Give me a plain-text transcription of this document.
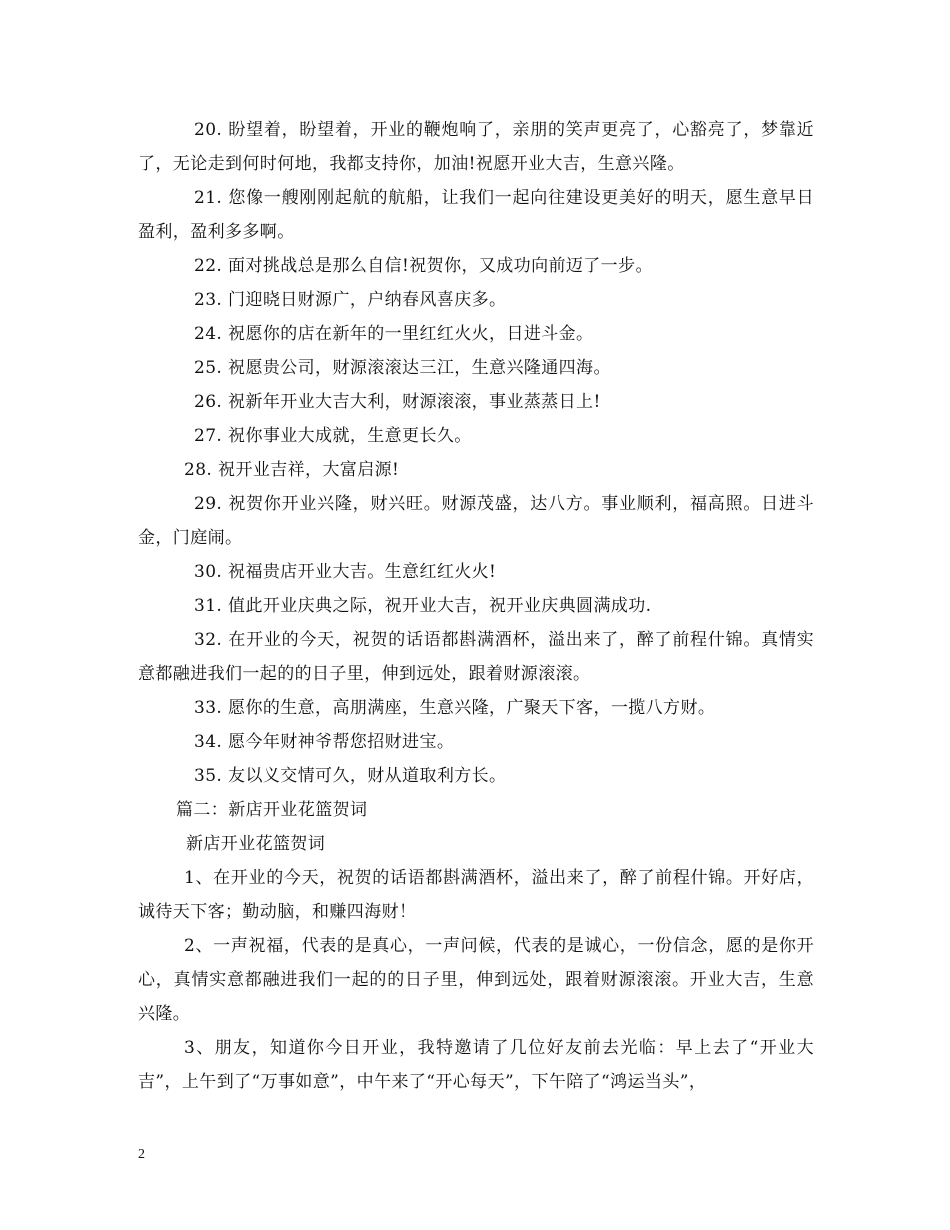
20. 盼望着，盼望着，开业的鞭炮响了，亲朋的笑声更亮了，心豁亮了，梦靠近了，无论走到何时何地，我都支持你，加油!祝愿开业大吉，生意兴隆。

21. 您像一艘刚刚起航的航船，让我们一起向往建设更美好的明天，愿生意早日盈利，盈利多多啊。

22. 面对挑战总是那么自信!祝贺你，又成功向前迈了一步。

23. 门迎晓日财源广，户纳春风喜庆多。

24. 祝愿你的店在新年的一里红红火火，日进斗金。

25. 祝愿贵公司，财源滚滚达三江，生意兴隆通四海。

26. 祝新年开业大吉大利，财源滚滚，事业蒸蒸日上!

27. 祝你事业大成就，生意更长久。

28. 祝开业吉祥，大富启源!

29. 祝贺你开业兴隆，财兴旺。财源茂盛，达八方。事业顺利，福高照。日进斗金，门庭闹。

30. 祝福贵店开业大吉。生意红红火火!

31. 值此开业庆典之际，祝开业大吉，祝开业庆典圆满成功.

32. 在开业的今天，祝贺的话语都斟满酒杯，溢出来了，醉了前程什锦。真情实意都融进我们一起的的日子里，伸到远处，跟着财源滚滚。

33. 愿你的生意，高朋满座，生意兴隆，广聚天下客，一揽八方财。

34. 愿今年财神爷帮您招财进宝。

35. 友以义交情可久，财从道取利方长。

篇二：新店开业花篮贺词

新店开业花篮贺词

1、在开业的今天，祝贺的话语都斟满酒杯，溢出来了，醉了前程什锦。开好店，诚待天下客；勤动脑，和赚四海财！

2、一声祝福，代表的是真心，一声问候，代表的是诚心，一份信念，愿的是你开心，真情实意都融进我们一起的的日子里，伸到远处，跟着财源滚滚。开业大吉，生意兴隆。

3、朋友，知道你今日开业，我特邀请了几位好友前去光临：早上去了“开业大吉”，上午到了“万事如意”，中午来了“开心每天”，下午陪了“鸿运当头”，

2
